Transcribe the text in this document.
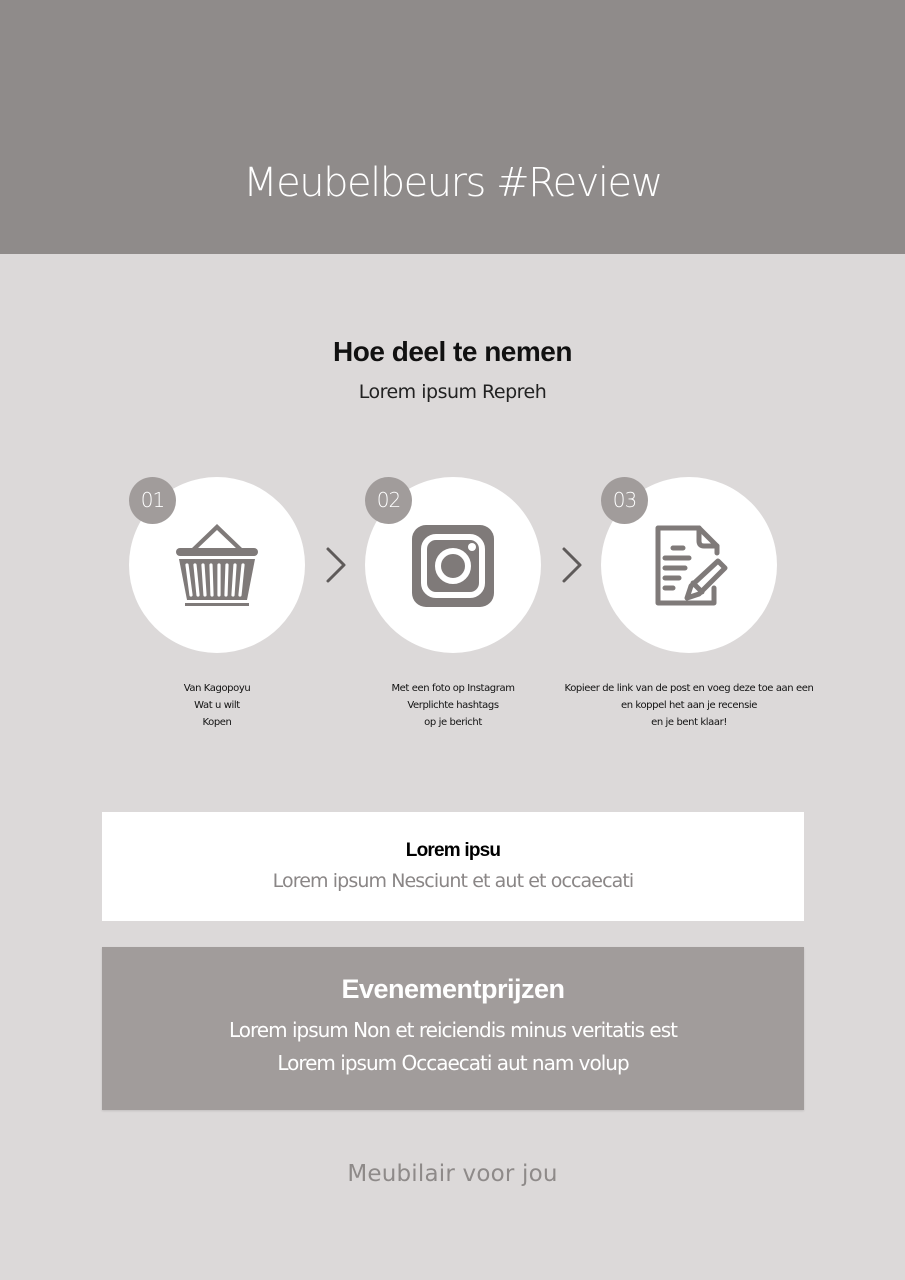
Meubelbeurs #Review
Hoe deel te nemen

Lorem ipsum Repreh

01	02	03
Van Kagopoyu
Wat u wilt
Kopen
Met een foto op Instagram
Verplichte hashtags
op je bericht
Kopieer de link van de post en voeg deze toe aan een
en koppel het aan je recensie
en je bent klaar!
Lorem ipsu
Lorem ipsum Nesciunt et aut et occaecati
Evenementprijzen
Lorem ipsum Non et reiciendis minus veritatis est
Lorem ipsum Occaecati aut nam volup
Meubilair voor jou
